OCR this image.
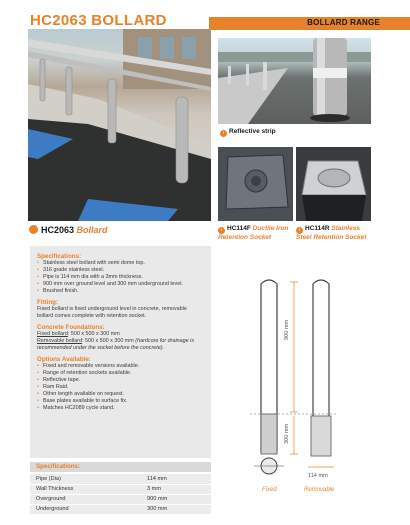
HC2063 BOLLARD	BOLLARD RANGE
› Reflective strip
› HC114F Ductile Iron Retention Socket
› HC114R Stainless Steel Retention Socket
HC2063 Bollard
Specifications:
• Stainless steel bollard with semi dome top.
• 316 grade stainless steel.
• Pipe is 114 mm dia with a 3mm thickness.
• 900 mm over ground level and 300 mm underground level.
• Brushed finish.
Fitting:
Fixed bollard is fixed underground level in concrete, removable bollard comes complete with retention socket.
Concrete Foundations:
Fixed bollard: 500 x 500 x 300 mm
Removable bollard: 500 x 500 x 300 mm (hardcore for drainage is recommended under the socket before the concrete).
Options Available:
• Fixed and removable versions available.
• Range of retention sockets available.
• Reflective tape.
• Ram Raid.
• Other length available on request.
• Base plates available to surface fix.
• Matches HC2089 cycle stand.
Specifications:
Pipe (Dia)	114 mm
Wall Thickness	3 mm
Overground	900 mm
Underground	300 mm
900 mm
300 mm
114 mm
Fixed	Removable
